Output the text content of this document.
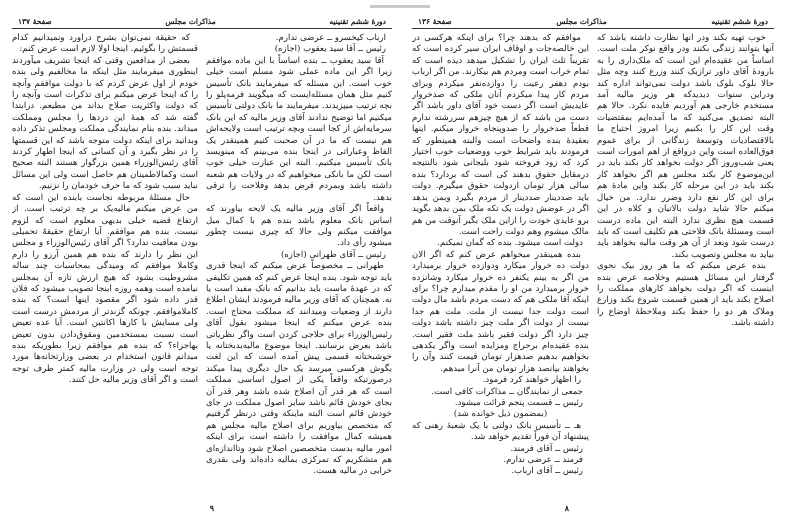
دورهٔ ششم تقنینیه
مذاکرات مجلس
صفحهٔ ۱۳۶

خوب تهیه بکند ودر آنها نظارت داشته باشد که آنها بتوانند زندگی بکنند ودر واقع نوکر ملت است. اساساً من عقیده‌ام این است که ملک‌داری را به بارودهٔ آقای داور ترازیک کنند وزرع کنند وچه مثل حالا بلوک بلوک باشد دولت نمی‌تواند اداره کند ودراین سنوات دیدیدکه هر وزیر مالیه آمد مستخدم خارجی هم آوردیم فایده نکرد. حالا هم البته تصدیق می‌کنید که ما آمده‌ایم بمقتضیات وقت این کار را بکنیم زیرا امروز احتیاج ما بالاقتصادیات وتوسعهٔ زندگانی از برای عموم فوق‌العاده است واین درواقع از اهم امورات است یعنی شب‌وروز اگر دولت بخواهد کار بکند باید در این‌موضوع کار بکند مجلس هم اگر بخواهد کار بکند باید در این مرحله کار بکند واین مادهٔ هم برای این کار نفع دارد وضرر ندارد. من خیال میکنم حالا شاید دولت بالاتیان و کلاه در این قسمت هیچ نظری ندارد البته این ماده درست است ومسئلهٔ بانک فلاحتی هم تکلیف است که باید درست شود وبعد از آن هر وقت مالیه بخواهد باید بیاید به مجلس وتصویب بکند.

بنده عرض میکنم که ما هر روز بیک نحوی گرفتار این مسائل هستیم وخلاصه عرض بنده اینست که اگر دولت بخواهد کارهای مملکت را اصلاح بکند باید از همین قسمت شروع بکند وزارع وملاک هر دو را حفظ بکند وملاحظهٔ اوضاع را داشته باشد.

موافقم که بدهند چرا؟ برای اینکه هرکسی در این خالصه‌جات و اوقاف ایران سیر کرده است که تقریباً ثلث ایران را تشکیل میدهد دیده است که تمام خراب است ومردم هم بیکارند. من اگر ارباب بودم دهفر رعیت را دوازده‌نفر میکردم وبرای مردم کار پیدا میکردم آنان ملکی که صدخروار عایدیش است اگر دست خود آقای داور باشد اگر دست من باشد که از هیچ چیزهم سررشته ندارم قطعاً صدخروار را صدوپنجاه خروار میکنم. اینها بعقیدهٔ بنده واضحات است والبته همینطور که فرمودند باید شرایط خوب ووضعیات خوب اختیار کرد که زود فروخته شود بلیجانی شود بالنتیجه درمقابل حقوق بدهند کی است که بردارد؟ بنده سالی هزار تومان ازدولت حقوق میگیرم. دولت باید صددینار صددینار از مردم بگیرد وبمن بدهد اگر در عوضش دولت یک تکه ملک بمن بدهد بگوید برو عایدی خودت را ازاین ملک بگیر آنوقت من هم مالک میشوم وهم دولت راحت است.

دولت است میشود. بنده که گمان نمیکنم.

بنده همینقدر میخواهم عرض کنم که اگر الان دولت ده خروار میکارد ودوازده خروار برمیدارد من اگر به بینم یکنفر ده خروار میکارد وشانزده خروار برمیدارد من او را مقدم میدارم چرا؟ برای اینکه آقا ملکی هم که دست مردم باشد مال دولت است دولت جدا نیست از ملت. ملت هم جدا نیست از دولت اگر ملت چیز داشته باشد دولت چیز دارد اگر دولت فقیر باشد ملت فقیر است. بنده عقیده‌ام برحراج ومزایده است واگر یکدهی بخواهیم بدهیم صدهزار تومان قیمت کنند وآن را بخواهند بپانصد هزار تومان من آنرا میدهم.

را اظهار خواهند کرد فرمود.

جمعی از نمایندگان ــ مذاکرات کافی است.

رئیس ــ قسمت پنجم قرائت میشود.

(بمضمون ذیل خوانده شد)

هـ ــ تأسیس بانک دولتی با یک شعبهٔ رهنی که پیشنهاد آن فوراً تقدیم خواهد شد.

رئیس ــ آقای فرمند.

فرمند ــ عرضی ندارم.

رئیس ــ آقای ارباب.

۸
دورهٔ ششم تقنینیه
مذاکرات مجلس
صفحهٔ ۱۳۷

ارباب کیخسرو ــ عرضی ندارم.

رئیس ــ آقا سید یعقوب (اجازه)

آقا سید یعقوب ــ بنده اساساً با این ماده موافقم زیرا اگر این ماده عملی شود مسلم است خیلی خوب است. این مسئله که میفرمایند بانک تأسیس کنیم مثل همان مسئله‌ایست که میگویند فرمه‌پلو را بچه ترتیب میپزیدند. میفرمایند ما بانک دولتی تأسیس میکنیم اما توضیح ندادند آقای وزیر مالیه که این بانک سرمایه‌اش از کجا است وبچه ترتیب است ولایحه‌اش هم نیست که ما در آن صحبت کنیم همینقدر یک الفاظ وعباراتی در اینجا بنده می‌بینم که مینویسد بانک تأسیس میکنیم. البته این عبارت خیلی خوب است لکن ما بانکی میخواهیم که در ولایات هم شعبه داشته باشد وبمردم قرض بدهد وفلاحت را ترقی بدهد.

واقعاً اگر آقای وزیر مالیه یک لایحه بیاورند که اساس بانک معلوم باشد بنده هم با کمال میل موافقت میکنم ولی حالا که چیزی نیست چطور میشود رأی داد.

رئیس ــ آقای طهرانی (اجازه)

طهرانی ــ مخصوصاً عرض میکنم که اینجا قدری باید توجه شود. بنده اینجا عرض کنم که همین تکلیفی که در عهدهٔ ماست باید بدانیم که بانک مفید است یا نه. همچنان که آقای وزیر مالیه فرمودند ایشان اطلاع دارند از وضعیات ومیدانند که مملکت محتاج است. بنده عرض میکنم که اینجا میشود بقول آقای رئیس‌الوزراء برای حلاجی کردن است واگر نظریاتی باشد بعرض برسانند. اینجا موضوع مالیه‌بدبختانه یا خوشبختانه قسمی پیش آمده است که این لغت بگوش هرکسی میرسد یک حال دیگری پیدا میکند درصورتیکه واقعاً یکی از اصول اساسی مملکت است که هر قدر آن اصلاح شده باشد وهر قدر آن بجای خودش قائم باشد سایر اصول مملکت در جای خودش قائم است البته ماینکه وقتی درنظر گرفتیم که متخصص بیاوریم برای اصلاح مالیه مجلس هم همیشه کمال موافقت را داشته است برای اینکه امور مالیه بدست متخصصین اصلاح شود وتااندازه‌ای هم متشکریم که تمرکزی بمالیه داده‌اند ولی بقدری خرابی در مالیه هست.

که حقیقة نمی‌توان بشرح درآورد ونمیدانیم کدام قسمتش را بگوئیم. اینجا اولا لازم است عرض کنم:

بعضی از مدافعین وقتی که اینجا تشریف میآوردند اینطوری میفرمایند مثل اینکه ما مخالفیم ولی بنده خودم از اول عرض کردم که با دولت موافقم وآنچه را که اینجا عرض میکنم برای تذکرات است وآنچه را که دولت واکثریت صلاح بداند من مطیعم. درابتدا گفته شد که همهٔ این دردها را مجلس ومملکت میداند. بنده بنام نمایندگی مملکت ومجلس تذکر داده وبدانید برای اینکه دولت متوجه باشد که این قسمتها را در نظر بگیرد و آن کسانی که اینجا اظهار کردند آقای رئیس‌الوزراء همین بزرگوار هستند البته صحیح است وکمالاطمینان هم حاصل است ولی این مسائل نباید سبب شود که ما حرف خودمان را نزنیم.

حال مسئلهٔ مربوطه نجاست بابنده این است که من عرض میکنم مالیه‌یک بر چه ترتیب است. از ارتفاع قضیه خیلی بدیهی معلوم است که لزوم نیست. بنده هم موافقم. آیا ارتفاع حقیقهً تحمیلی بودن معافیت ندارد؟ اگر آقای رئیس‌الوزراء و مجلس این نظر را دارند که بنده هم همین آرزو را دارم وکاملا موافقم که ومیدگی بمحاسبات چند ساله مشروطیت بشود که هیچ ارزش تازه آن بمجلس نیامده است وهمه روزه اینجا تصویب میشود که فلان قدر داده شود اگر مقصود اینها است؟ که بنده کاملاموافقم. چونکه گزندتر از مردمش درست است ولی مسایش با کارها اکانتین است. آیا عده تعیض است نسبت بمستخدمین ومقوق‌دادن بدون تعیض بهاجزاء؟ که بنده هم موافقم زیرا بطوریکه بنده میدانم قانون استخدام در بعضی وزارتخانه‌ها مورد توجه است ولی در وزارت مالیه کمتر طرف توجه است و اگر آقای وزیر مالیه حل کنند.

۹
